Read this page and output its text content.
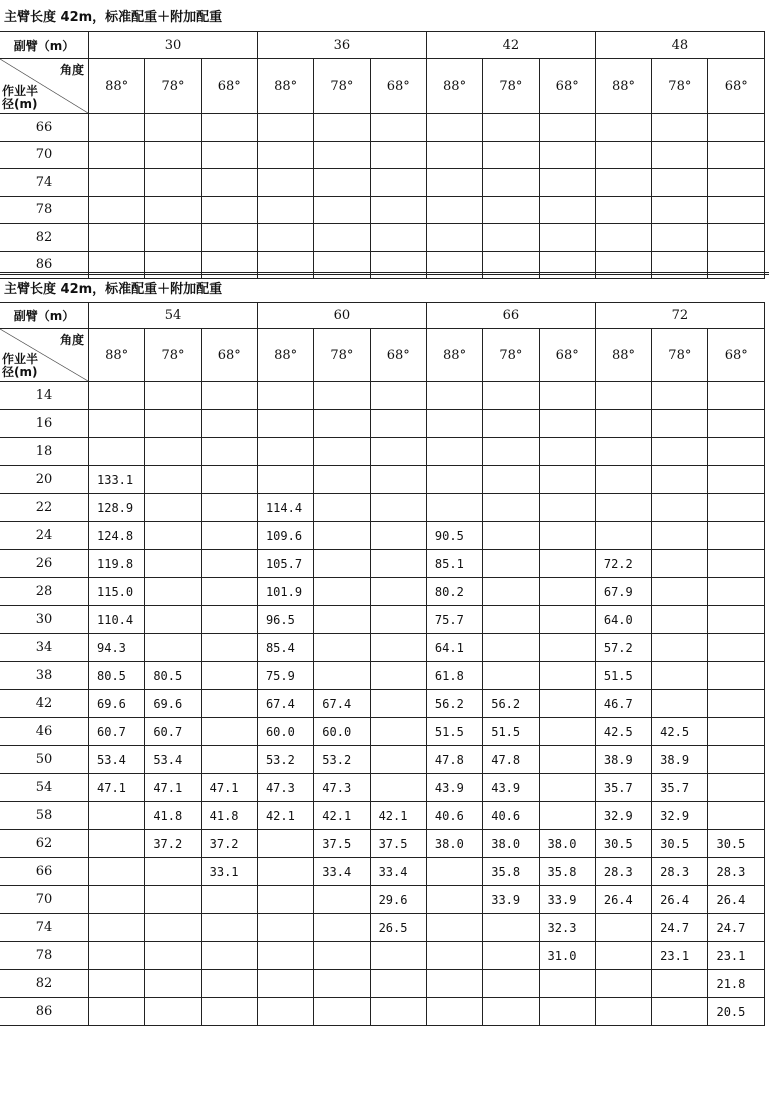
主臂长度 42m，标准配重＋附加配重
副臂（m）	30			36			42			48		

角度
作业半径(m)	88°	78°	68°	88°	78°	68°	88°	78°	68°	88°	78°	68°
66												
70												
74												
78												
82												
86												
主臂长度 42m，标准配重＋附加配重
副臂（m）	54			60			66			72		

角度
作业半径(m)	88°	78°	68°	88°	78°	68°	88°	78°	68°	88°	78°	68°
14												
16												
18												
20	133.1											
22	128.9			114.4								
24	124.8			109.6			90.5					
26	119.8			105.7			85.1			72.2		
28	115.0			101.9			80.2			67.9		
30	110.4			96.5			75.7			64.0		
34	94.3			85.4			64.1			57.2		
38	80.5	80.5		75.9			61.8			51.5		
42	69.6	69.6		67.4	67.4		56.2	56.2		46.7		
46	60.7	60.7		60.0	60.0		51.5	51.5		42.5	42.5	
50	53.4	53.4		53.2	53.2		47.8	47.8		38.9	38.9	
54	47.1	47.1	47.1	47.3	47.3		43.9	43.9		35.7	35.7	
58		41.8	41.8	42.1	42.1	42.1	40.6	40.6		32.9	32.9	
62		37.2	37.2		37.5	37.5	38.0	38.0	38.0	30.5	30.5	30.5
66			33.1		33.4	33.4		35.8	35.8	28.3	28.3	28.3
70						29.6		33.9	33.9	26.4	26.4	26.4
74						26.5			32.3		24.7	24.7
78									31.0		23.1	23.1
82												21.8
86												20.5
